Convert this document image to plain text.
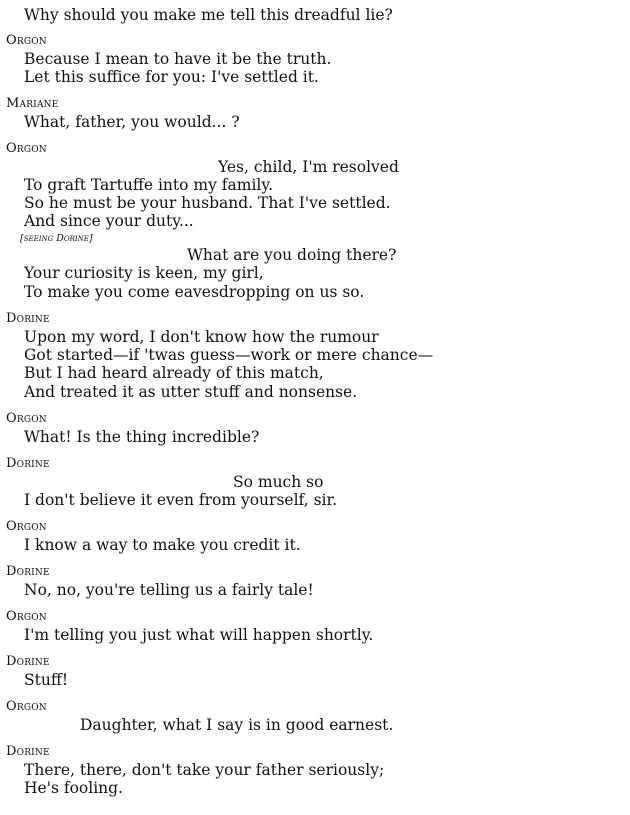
Why should you make me tell this dreadful lie?
Orgon
Because I mean to have it be the truth.
Let this suffice for you: I've settled it.
Mariane
What, father, you would... ?
Orgon
Yes, child, I'm resolved
To graft Tartuffe into my family.
So he must be your husband. That I've settled.
And since your duty...
[seeing Dorine]
What are you doing there?
Your curiosity is keen, my girl,
To make you come eavesdropping on us so.
Dorine
Upon my word, I don't know how the rumour
Got started—if 'twas guess—work or mere chance—
But I had heard already of this match,
And treated it as utter stuff and nonsense.
Orgon
What! Is the thing incredible?
Dorine
So much so
I don't believe it even from yourself, sir.
Orgon
I know a way to make you credit it.
Dorine
No, no, you're telling us a fairly tale!
Orgon
I'm telling you just what will happen shortly.
Dorine
Stuff!
Orgon
Daughter, what I say is in good earnest.
Dorine
There, there, don't take your father seriously;
He's fooling.
